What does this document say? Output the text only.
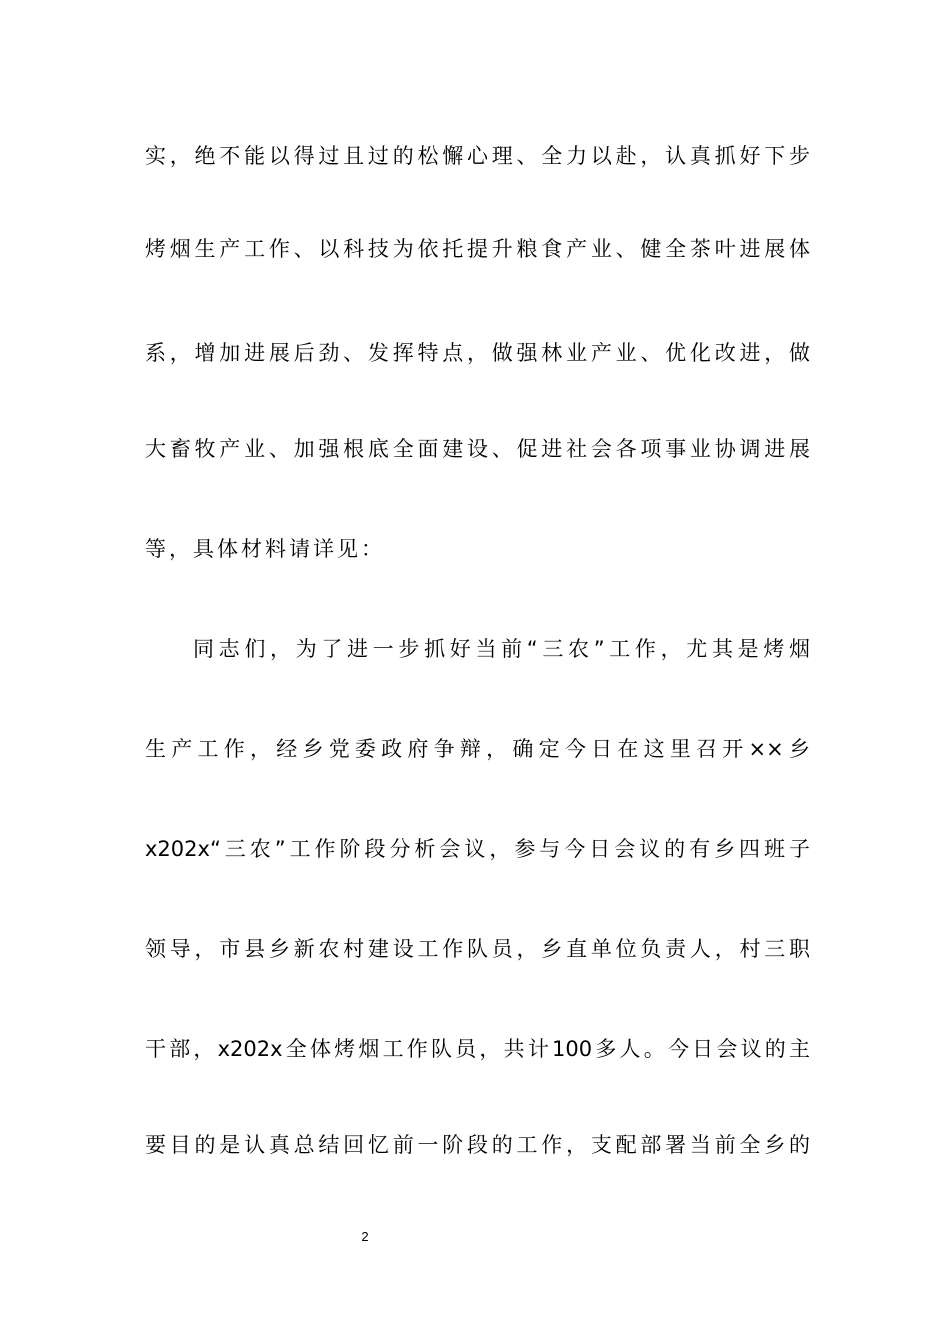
实，绝不能以得过且过的松懈心理、全力以赴，认真抓好下步
烤烟生产工作、以科技为依托提升粮食产业、健全茶叶进展体
系，增加进展后劲、发挥特点，做强林业产业、优化改进，做
大畜牧产业、加强根底全面建设、促进社会各项事业协调进展
等，具体材料请详见：
同志们，为了进一步抓好当前“三农”工作，尤其是烤烟
生产工作，经乡党委政府争辩，确定今日在这里召开××乡
x202x“三农”工作阶段分析会议，参与今日会议的有乡四班子
领导，市县乡新农村建设工作队员，乡直单位负责人，村三职
干部，x202x全体烤烟工作队员，共计100多人。今日会议的主
要目的是认真总结回忆前一阶段的工作，支配部署当前全乡的
2
